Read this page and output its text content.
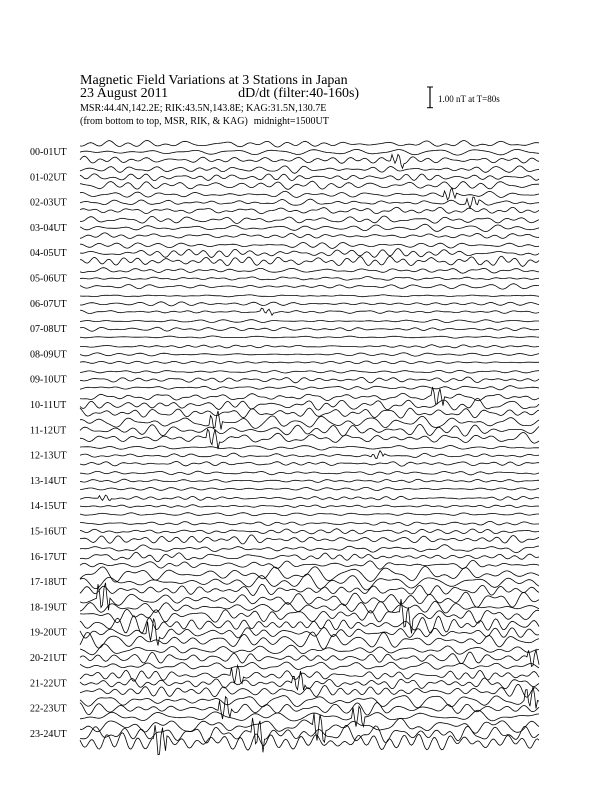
Magnetic Field Variations at 3 Stations in Japan
23 August 2011	dD/dt (filter:40-160s)
MSR:44.4N,142.2E; RIK:43.5N,143.8E; KAG:31.5N,130.7E
(from bottom to top, MSR, RIK, & KAG) midnight=1500UT
1.00 nT at T=80s
00-01UT
01-02UT
02-03UT
03-04UT
04-05UT
05-06UT
06-07UT
07-08UT
08-09UT
09-10UT
10-11UT
11-12UT
12-13UT
13-14UT
14-15UT
15-16UT
16-17UT
17-18UT
18-19UT
19-20UT
20-21UT
21-22UT
22-23UT
23-24UT
